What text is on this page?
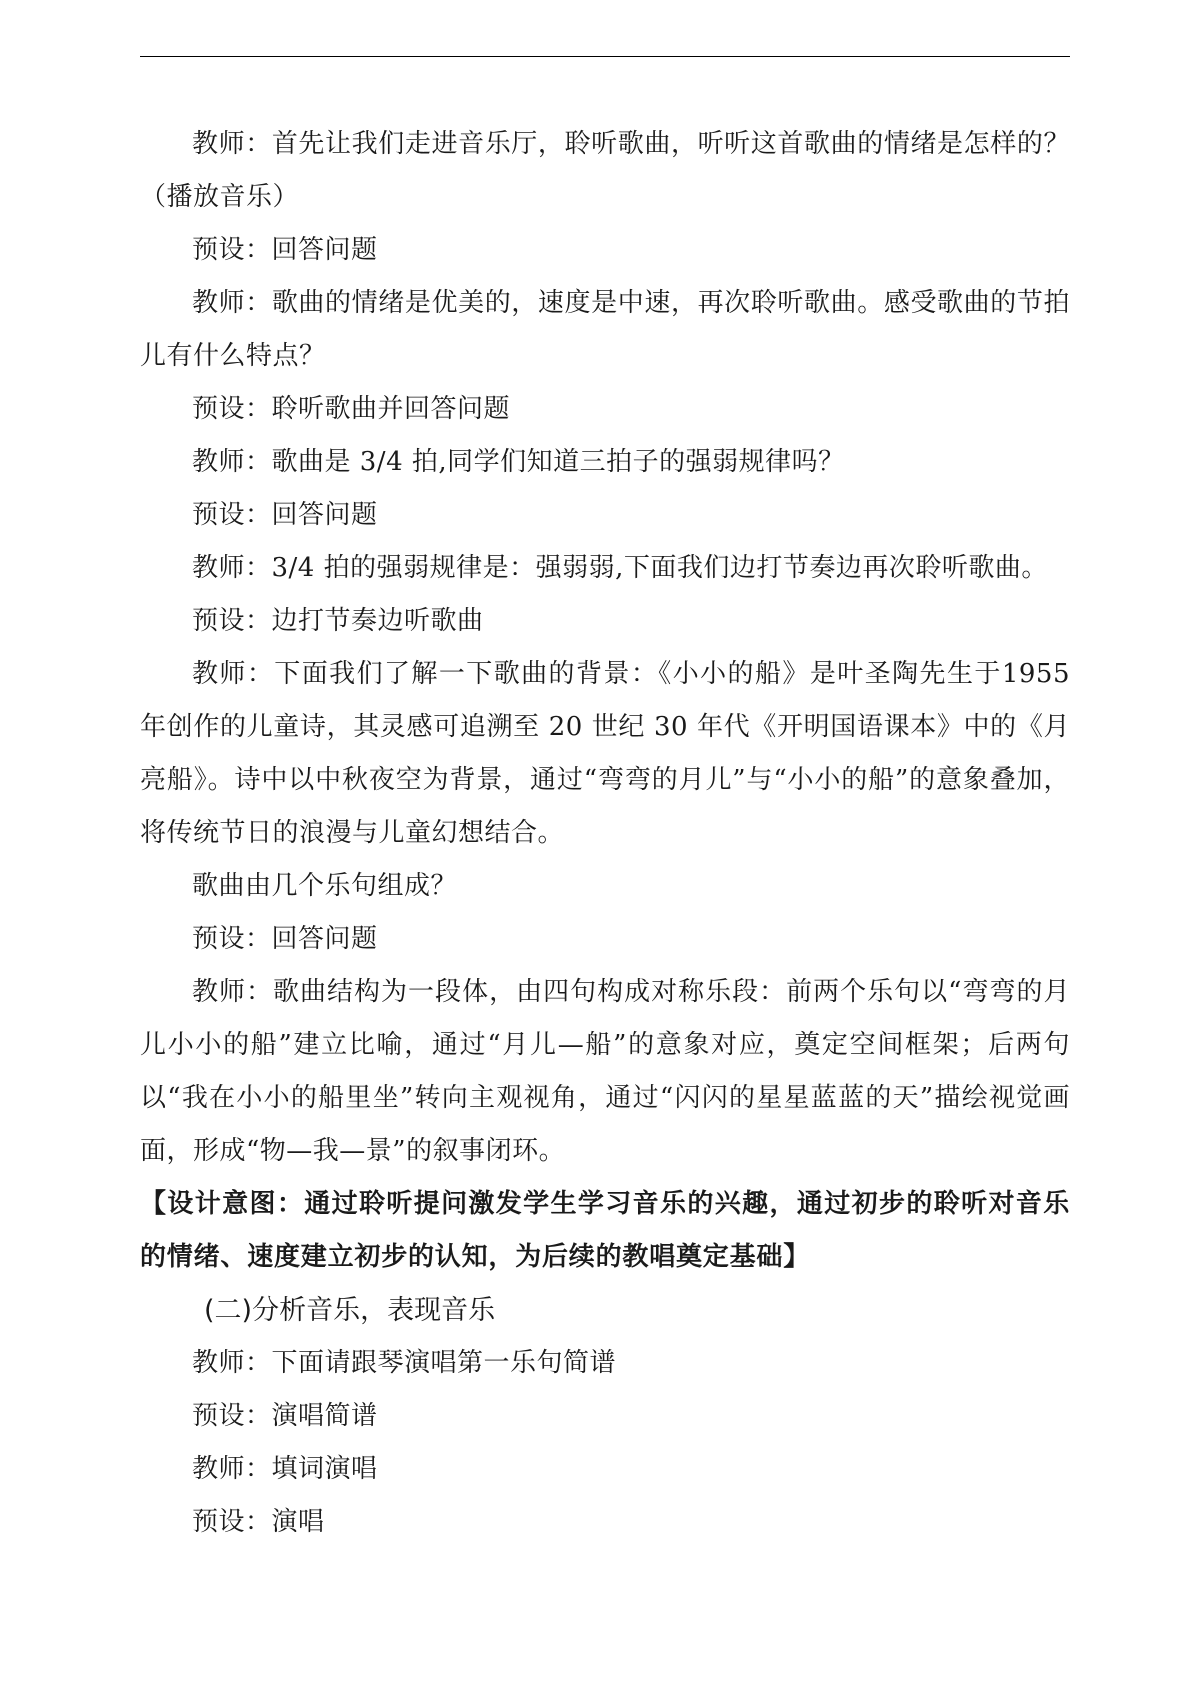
教师：首先让我们走进音乐厅，聆听歌曲，听听这首歌曲的情绪是怎样的？（播放音乐）

预设：回答问题

教师：歌曲的情绪是优美的，速度是中速，再次聆听歌曲。感受歌曲的节拍儿有什么特点？

预设：聆听歌曲并回答问题

教师：歌曲是 3/4 拍,同学们知道三拍子的强弱规律吗？

预设：回答问题

教师：3/4 拍的强弱规律是：强弱弱,下面我们边打节奏边再次聆听歌曲。

预设：边打节奏边听歌曲

教师：下面我们了解一下歌曲的背景：《小小的船》是叶圣陶先生于1955 年创作的儿童诗，其灵感可追溯至 20 世纪 30 年代《开明国语课本》中的《月亮船》。诗中以中秋夜空为背景，通过“弯弯的月儿”与“小小的船”的意象叠加，将传统节日的浪漫与儿童幻想结合。

歌曲由几个乐句组成？

预设：回答问题

教师：歌曲结构为一段体，由四句构成对称乐段：前两个乐句以“弯弯的月儿小小的船”建立比喻，通过“月儿—船”的意象对应，奠定空间框架；后两句以“我在小小的船里坐”转向主观视角，通过“闪闪的星星蓝蓝的天”描绘视觉画面，形成“物—我—景”的叙事闭环。

【设计意图：通过聆听提问激发学生学习音乐的兴趣，通过初步的聆听对音乐的情绪、速度建立初步的认知，为后续的教唱奠定基础】

(二)分析音乐，表现音乐

教师：下面请跟琴演唱第一乐句简谱

预设：演唱简谱

教师：填词演唱

预设：演唱
